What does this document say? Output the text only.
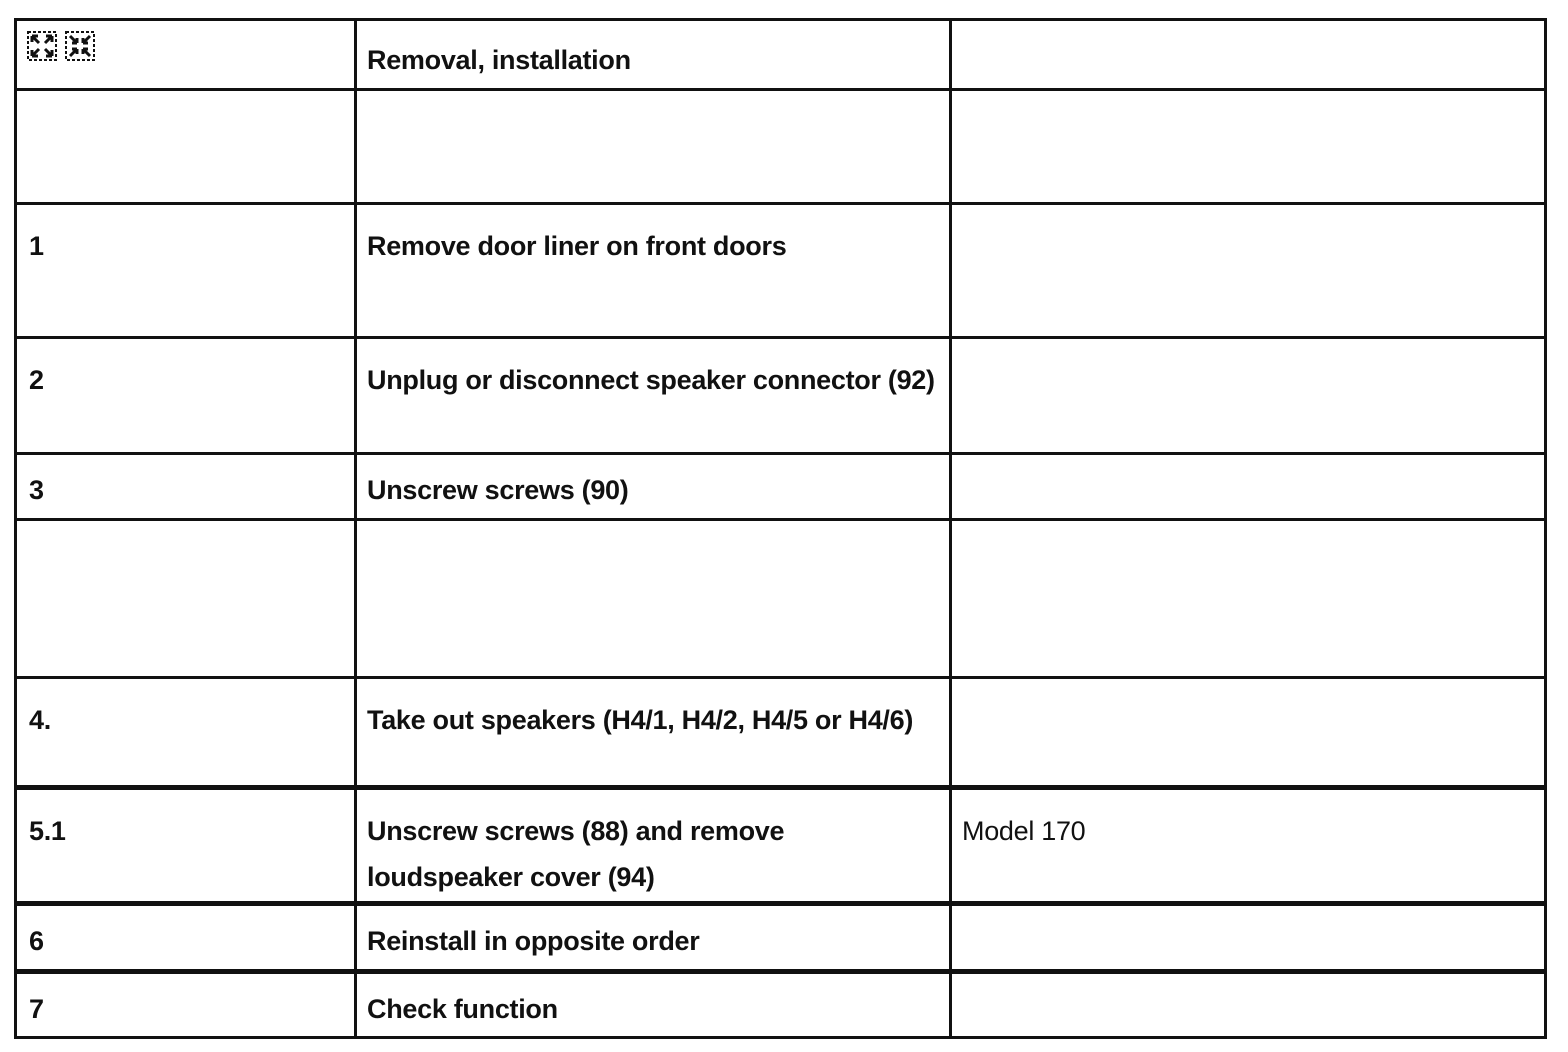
	Removal, installation	

1	Remove door liner on front doors	
2	Unplug or disconnect speaker connector (92)	
3	Unscrew screws (90)	

4.	Take out speakers (H4/1, H4/2, H4/5 or H4/6)	
5.1	Unscrew screws (88) and remove loudspeaker cover (94)	Model 170
6	Reinstall in opposite order	
7	Check function	
